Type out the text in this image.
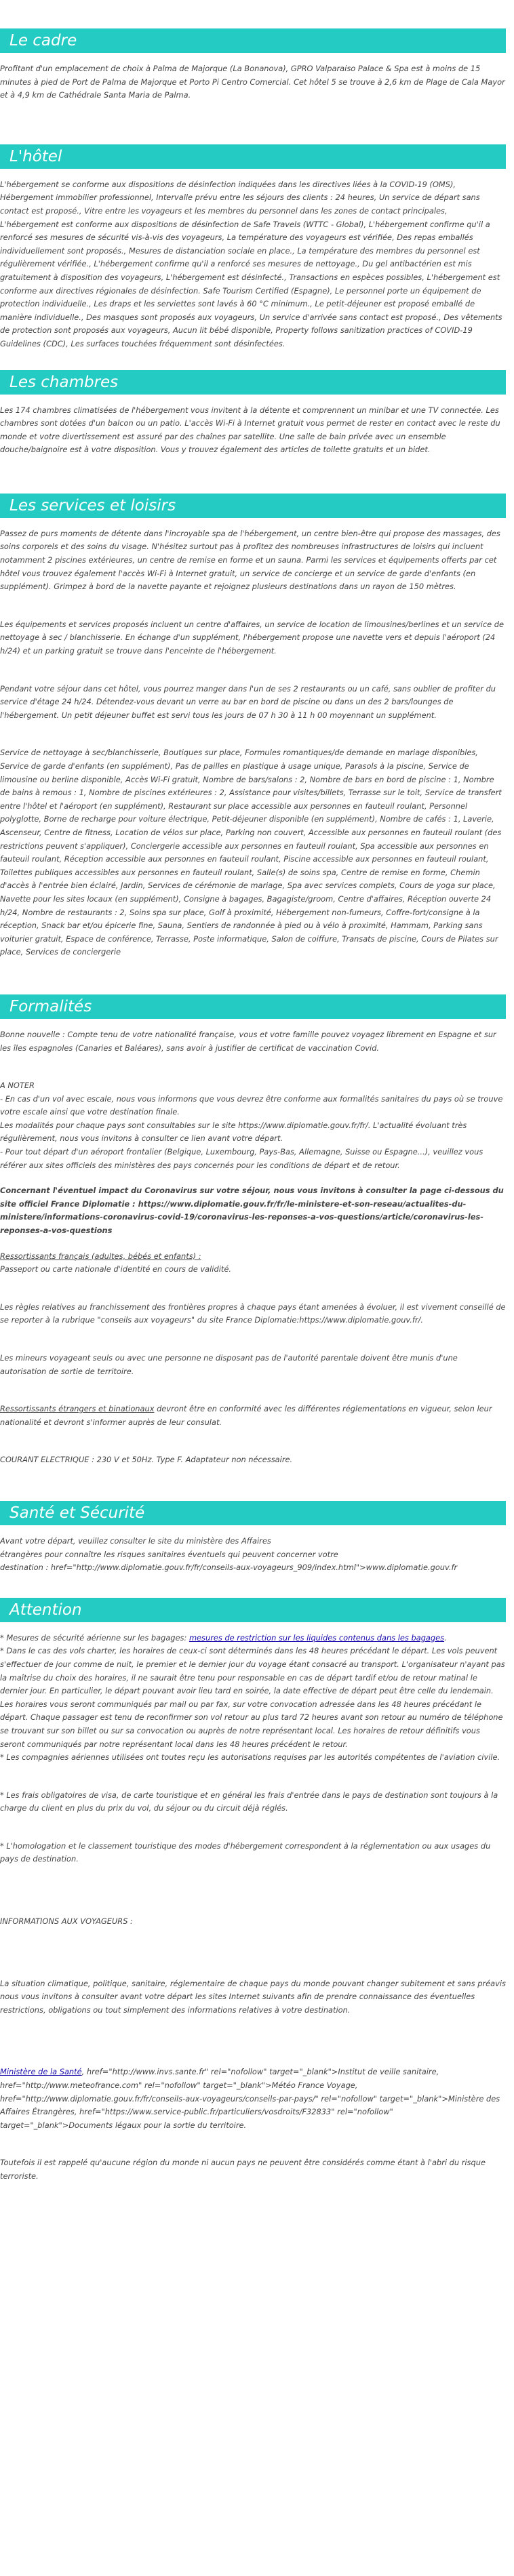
Le cadre

Profitant d'un emplacement de choix à Palma de Majorque (La Bonanova), GPRO Valparaiso Palace & Spa est à moins de 15 minutes à pied de Port de Palma de Majorque et Porto Pi Centro Comercial. Cet hôtel 5 se trouve à 2,6 km de Plage de Cala Mayor et à 4,9 km de Cathédrale Santa Maria de Palma.

L'hôtel

L'hébergement se conforme aux dispositions de désinfection indiquées dans les directives liées à la COVID-19 (OMS), Hébergement immobilier professionnel, Intervalle prévu entre les séjours des clients : 24 heures, Un service de départ sans contact est proposé., Vitre entre les voyageurs et les membres du personnel dans les zones de contact principales, L'hébergement est conforme aux dispositions de désinfection de Safe Travels (WTTC - Global), L'hébergement confirme qu'il a renforcé ses mesures de sécurité vis-à-vis des voyageurs, La température des voyageurs est vérifiée, Des repas emballés individuellement sont proposés., Mesures de distanciation sociale en place., La température des membres du personnel est régulièrement vérifiée., L'hébergement confirme qu'il a renforcé ses mesures de nettoyage., Du gel antibactérien est mis gratuitement à disposition des voyageurs, L'hébergement est désinfecté., Transactions en espèces possibles, L'hébergement est conforme aux directives régionales de désinfection. Safe Tourism Certified (Espagne), Le personnel porte un équipement de protection individuelle., Les draps et les serviettes sont lavés à 60 °C minimum., Le petit-déjeuner est proposé emballé de manière individuelle., Des masques sont proposés aux voyageurs, Un service d'arrivée sans contact est proposé., Des vêtements de protection sont proposés aux voyageurs, Aucun lit bébé disponible, Property follows sanitization practices of COVID-19 Guidelines (CDC), Les surfaces touchées fréquemment sont désinfectées.

Les chambres

Les 174 chambres climatisées de l'hébergement vous invitent à la détente et comprennent un minibar et une TV connectée. Les chambres sont dotées d'un balcon ou un patio. L'accès Wi-Fi à Internet gratuit vous permet de rester en contact avec le reste du monde et votre divertissement est assuré par des chaînes par satellite. Une salle de bain privée avec un ensemble douche/baignoire est à votre disposition. Vous y trouvez également des articles de toilette gratuits et un bidet.

Les services et loisirs

Passez de purs moments de détente dans l'incroyable spa de l'hébergement, un centre bien-être qui propose des massages, des soins corporels et des soins du visage. N'hésitez surtout pas à profitez des nombreuses infrastructures de loisirs qui incluent notamment 2 piscines extérieures, un centre de remise en forme et un sauna. Parmi les services et équipements offerts par cet hôtel vous trouvez également l'accès Wi-Fi à Internet gratuit, un service de concierge et un service de garde d'enfants (en supplément). Grimpez à bord de la navette payante et rejoignez plusieurs destinations dans un rayon de 150 mètres.

Les équipements et services proposés incluent un centre d'affaires, un service de location de limousines/berlines et un service de nettoyage à sec / blanchisserie. En échange d'un supplément, l'hébergement propose une navette vers et depuis l'aéroport (24 h/24) et un parking gratuit se trouve dans l'enceinte de l'hébergement.

Pendant votre séjour dans cet hôtel, vous pourrez manger dans l'un de ses 2 restaurants ou un café, sans oublier de profiter du service d'étage 24 h/24. Détendez-vous devant un verre au bar en bord de piscine ou dans un des 2 bars/lounges de l'hébergement. Un petit déjeuner buffet est servi tous les jours de 07 h 30 à 11 h 00 moyennant un supplément.

Service de nettoyage à sec/blanchisserie, Boutiques sur place, Formules romantiques/de demande en mariage disponibles, Service de garde d'enfants (en supplément), Pas de pailles en plastique à usage unique, Parasols à la piscine, Service de limousine ou berline disponible, Accès Wi-Fi gratuit, Nombre de bars/salons : 2, Nombre de bars en bord de piscine : 1, Nombre de bains à remous : 1, Nombre de piscines extérieures : 2, Assistance pour visites/billets, Terrasse sur le toit, Service de transfert entre l'hôtel et l'aéroport (en supplément), Restaurant sur place accessible aux personnes en fauteuil roulant, Personnel polyglotte, Borne de recharge pour voiture électrique, Petit-déjeuner disponible (en supplément), Nombre de cafés : 1, Laverie, Ascenseur, Centre de fitness, Location de vélos sur place, Parking non couvert, Accessible aux personnes en fauteuil roulant (des restrictions peuvent s'appliquer), Conciergerie accessible aux personnes en fauteuil roulant, Spa accessible aux personnes en fauteuil roulant, Réception accessible aux personnes en fauteuil roulant, Piscine accessible aux personnes en fauteuil roulant, Toilettes publiques accessibles aux personnes en fauteuil roulant, Salle(s) de soins spa, Centre de remise en forme, Chemin d'accès à l'entrée bien éclairé, Jardin, Services de cérémonie de mariage, Spa avec services complets, Cours de yoga sur place, Navette pour les sites locaux (en supplément), Consigne à bagages, Bagagiste/groom, Centre d'affaires, Réception ouverte 24 h/24, Nombre de restaurants : 2, Soins spa sur place, Golf à proximité, Hébergement non-fumeurs, Coffre-fort/consigne à la réception, Snack bar et/ou épicerie fine, Sauna, Sentiers de randonnée à pied ou à vélo à proximité, Hammam, Parking sans voiturier gratuit, Espace de conférence, Terrasse, Poste informatique, Salon de coiffure, Transats de piscine, Cours de Pilates sur place, Services de conciergerie

Formalités

Bonne nouvelle : Compte tenu de votre nationalité française, vous et votre famille pouvez voyagez librement en Espagne et sur les îles espagnoles (Canaries et Baléares), sans avoir à justifier de certificat de vaccination Covid.

A NOTER

- En cas d'un vol avec escale, nous vous informons que vous devrez être conforme aux formalités sanitaires du pays où se trouve votre escale ainsi que votre destination finale.

Les modalités pour chaque pays sont consultables sur le site https://www.diplomatie.gouv.fr/fr/. L'actualité évoluant très régulièrement, nous vous invitons à consulter ce lien avant votre départ.

- Pour tout départ d'un aéroport frontalier (Belgique, Luxembourg, Pays-Bas, Allemagne, Suisse ou Espagne...), veuillez vous référer aux sites officiels des ministères des pays concernés pour les conditions de départ et de retour.

Concernant l'éventuel impact du Coronavirus sur votre séjour, nous vous invitons à consulter la page ci-dessous du site officiel France Diplomatie : https://www.diplomatie.gouv.fr/fr/le-ministere-et-son-reseau/actualites-du-ministere/informations-coronavirus-covid-19/coronavirus-les-reponses-a-vos-questions/article/coronavirus-les-reponses-a-vos-questions

Ressortissants français (adultes, bébés et enfants) :

Passeport ou carte nationale d'identité en cours de validité.

Les règles relatives au franchissement des frontières propres à chaque pays étant amenées à évoluer, il est vivement conseillé de se reporter à la rubrique "conseils aux voyageurs" du site France Diplomatie:https://www.diplomatie.gouv.fr/.

Les mineurs voyageant seuls ou avec une personne ne disposant pas de l'autorité parentale doivent être munis d'une autorisation de sortie de territoire.

Ressortissants étrangers et binationaux devront être en conformité avec les différentes réglementations en vigueur, selon leur nationalité et devront s'informer auprès de leur consulat.

COURANT ELECTRIQUE : 230 V et 50Hz. Type F. Adaptateur non nécessaire.

Santé et Sécurité

Avant votre départ, veuillez consulter le site du ministère des Affaires

étrangères pour connaître les risques sanitaires éventuels qui peuvent concerner votre

destination : href="http://www.diplomatie.gouv.fr/fr/conseils-aux-voyageurs_909/index.html">www.diplomatie.gouv.fr

Attention

* Mesures de sécurité aérienne sur les bagages: mesures de restriction sur les liquides contenus dans les bagages.

* Dans le cas des vols charter, les horaires de ceux-ci sont déterminés dans les 48 heures précédant le départ. Les vols peuvent s'effectuer de jour comme de nuit, le premier et le dernier jour du voyage étant consacré au transport. L'organisateur n'ayant pas la maîtrise du choix des horaires, il ne saurait être tenu pour responsable en cas de départ tardif et/ou de retour matinal le dernier jour. En particulier, le départ pouvant avoir lieu tard en soirée, la date effective de départ peut être celle du lendemain. Les horaires vous seront communiqués par mail ou par fax, sur votre convocation adressée dans les 48 heures précédant le départ. Chaque passager est tenu de reconfirmer son vol retour au plus tard 72 heures avant son retour au numéro de téléphone se trouvant sur son billet ou sur sa convocation ou auprès de notre représentant local. Les horaires de retour définitifs vous seront communiqués par notre représentant local dans les 48 heures précédent le retour.

* Les compagnies aériennes utilisées ont toutes reçu les autorisations requises par les autorités compétentes de l'aviation civile.

* Les frais obligatoires de visa, de carte touristique et en général les frais d'entrée dans le pays de destination sont toujours à la charge du client en plus du prix du vol, du séjour ou du circuit déjà réglés.

* L'homologation et le classement touristique des modes d'hébergement correspondent à la réglementation ou aux usages du pays de destination.

INFORMATIONS AUX VOYAGEURS :

La situation climatique, politique, sanitaire, réglementaire de chaque pays du monde pouvant changer subitement et sans préavis

nous vous invitons à consulter avant votre départ les sites Internet suivants afin de prendre connaissance des éventuelles restrictions, obligations ou tout simplement des informations relatives à votre destination.

Ministère de la Santé, href="http://www.invs.sante.fr" rel="nofollow" target="_blank">Institut de veille sanitaire, href="http://www.meteofrance.com" rel="nofollow" target="_blank">Météo France Voyage, href="http://www.diplomatie.gouv.fr/fr/conseils-aux-voyageurs/conseils-par-pays/" rel="nofollow" target="_blank">Ministère des Affaires Étrangères, href="https://www.service-public.fr/particuliers/vosdroits/F32833" rel="nofollow" target="_blank">Documents légaux pour la sortie du territoire.

Toutefois il est rappelé qu'aucune région du monde ni aucun pays ne peuvent être considérés comme étant à l'abri du risque terroriste.
